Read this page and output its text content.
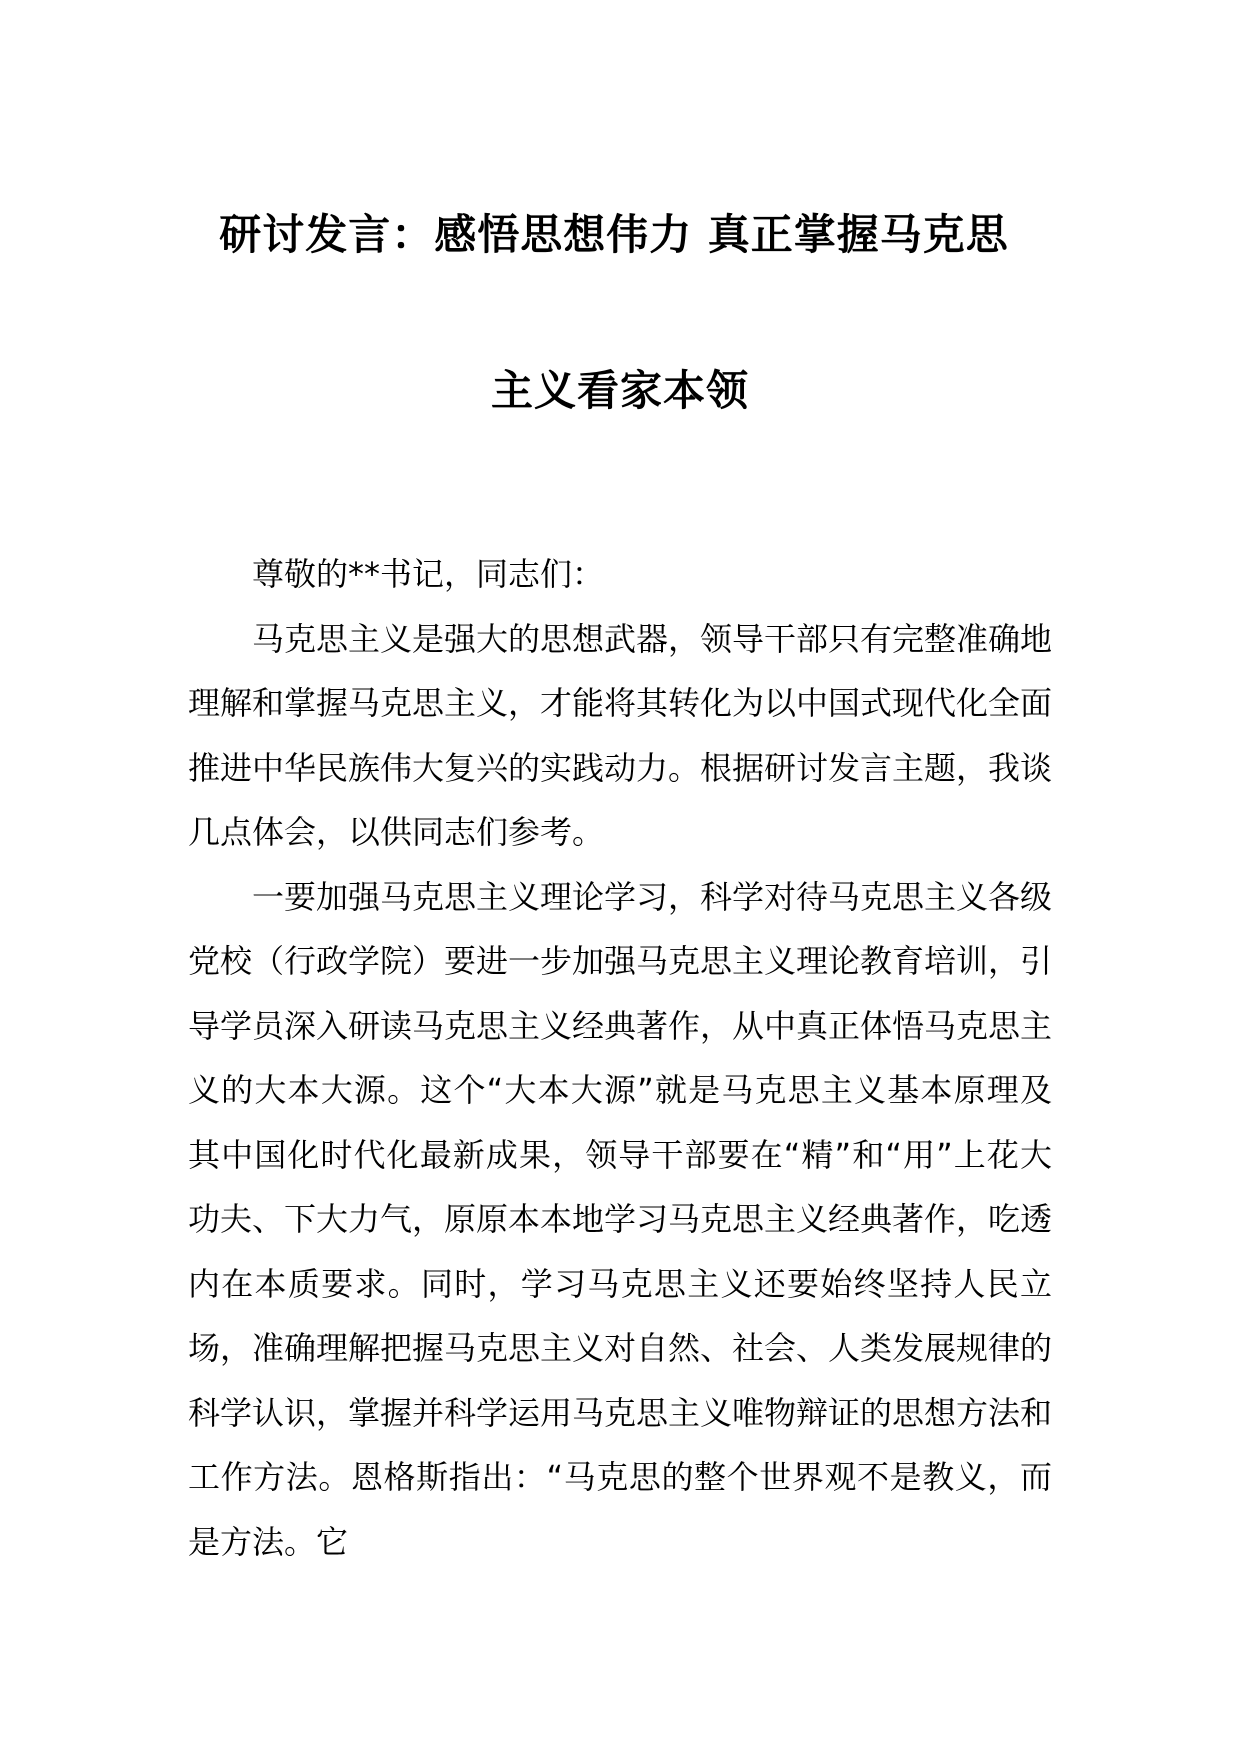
研讨发言：感悟思想伟力 真正掌握马克思
主义看家本领

尊敬的**书记，同志们：

马克思主义是强大的思想武器，领导干部只有完整准确地理解和掌握马克思主义，才能将其转化为以中国式现代化全面推进中华民族伟大复兴的实践动力。根据研讨发言主题，我谈几点体会，以供同志们参考。

一要加强马克思主义理论学习，科学对待马克思主义各级党校（行政学院）要进一步加强马克思主义理论教育培训，引导学员深入研读马克思主义经典著作，从中真正体悟马克思主义的大本大源。这个“大本大源”就是马克思主义基本原理及其中国化时代化最新成果，领导干部要在“精”和“用”上花大功夫、下大力气，原原本本地学习马克思主义经典著作，吃透内在本质要求。同时，学习马克思主义还要始终坚持人民立场，准确理解把握马克思主义对自然、社会、人类发展规律的科学认识，掌握并科学运用马克思主义唯物辩证的思想方法和工作方法。恩格斯指出：“马克思的整个世界观不是教义，而是方法。它
